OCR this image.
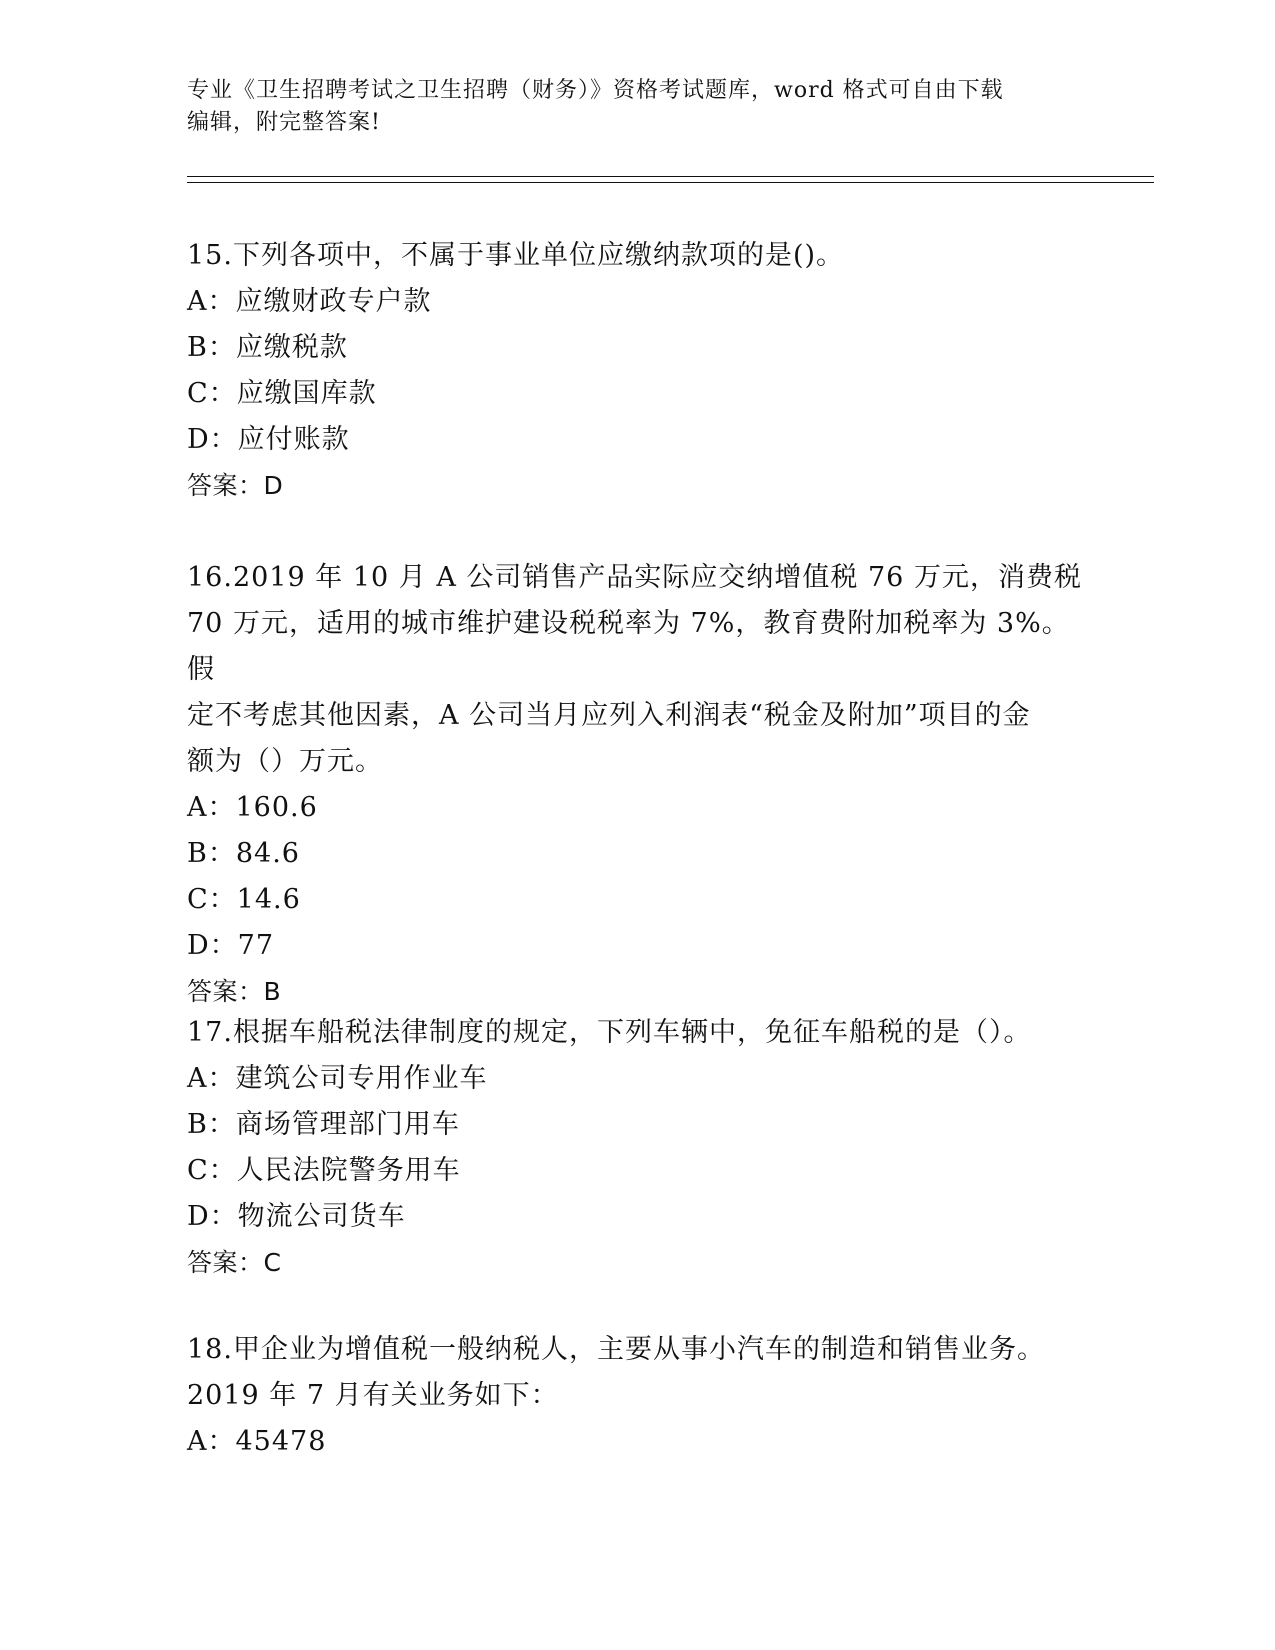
专业《卫生招聘考试之卫生招聘（财务）》资格考试题库，word 格式可自由下载
编辑，附完整答案!

15.下列各项中，不属于事业单位应缴纳款项的是()。

A：应缴财政专户款

B：应缴税款

C：应缴国库款

D：应付账款

答案：D

16.2019 年 10 月 A 公司销售产品实际应交纳增值税 76 万元，消费税

70 万元，适用的城市维护建设税税率为 7%，教育费附加税率为 3%。假

定不考虑其他因素，A 公司当月应列入利润表“税金及附加”项目的金

额为（）万元。

A：160.6

B：84.6

C：14.6

D：77

答案：B

17.根据车船税法律制度的规定，下列车辆中，免征车船税的是（）。

A：建筑公司专用作业车

B：商场管理部门用车

C：人民法院警务用车

D：物流公司货车

答案：C

18.甲企业为增值税一般纳税人，主要从事小汽车的制造和销售业务。

2019 年 7 月有关业务如下：

A：45478
